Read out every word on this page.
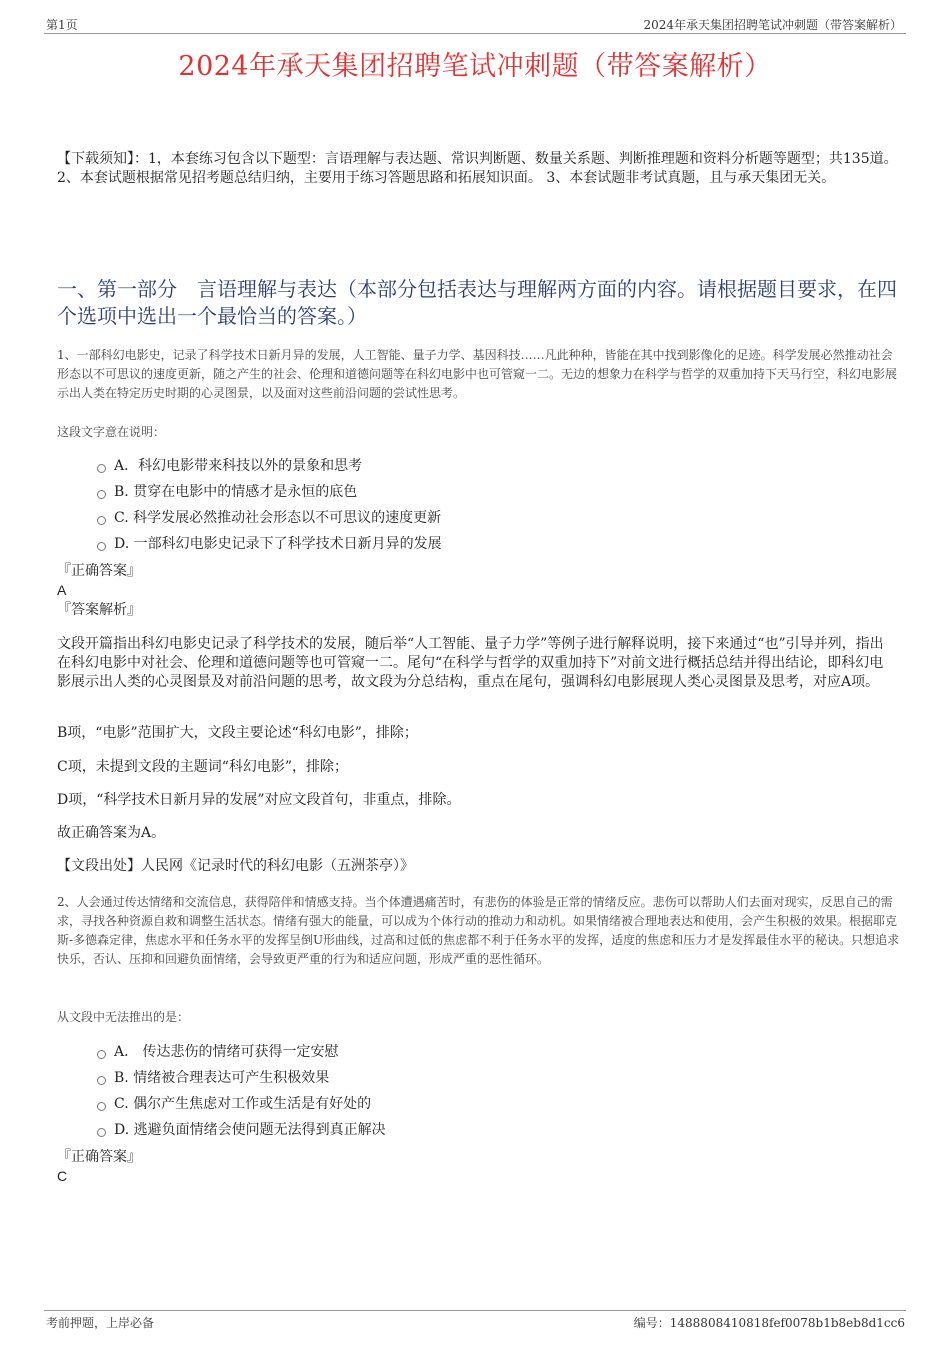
第1页	2024年承天集团招聘笔试冲刺题（带答案解析）
2024年承天集团招聘笔试冲刺题（带答案解析）
【下载须知】：1，本套练习包含以下题型：言语理解与表达题、常识判断题、数量关系题、判断推理题和资料分析题等题型；共135道。 2、本套试题根据常见招考题总结归纳，主要用于练习答题思路和拓展知识面。 3、本套试题非考试真题，且与承天集团无关。
一、第一部分　言语理解与表达（本部分包括表达与理解两方面的内容。请根据题目要求，在四个选项中选出一个最恰当的答案。）
1、一部科幻电影史，记录了科学技术日新月异的发展，人工智能、量子力学、基因科技……凡此种种，皆能在其中找到影像化的足迹。科学发展必然推动社会形态以不可思议的速度更新，随之产生的社会、伦理和道德问题等在科幻电影中也可管窥一二。无边的想象力在科学与哲学的双重加持下天马行空，科幻电影展示出人类在特定历史时期的心灵图景，以及面对这些前沿问题的尝试性思考。
这段文字意在说明：
A．科幻电影带来科技以外的景象和思考
B. 贯穿在电影中的情感才是永恒的底色
C. 科学发展必然推动社会形态以不可思议的速度更新
D. 一部科幻电影史记录下了科学技术日新月异的发展
『正确答案』
A
『答案解析』
文段开篇指出科幻电影史记录了科学技术的发展，随后举“人工智能、量子力学”等例子进行解释说明，接下来通过“也”引导并列，指出在科幻电影中对社会、伦理和道德问题等也可管窥一二。尾句“在科学与哲学的双重加持下”对前文进行概括总结并得出结论，即科幻电影展示出人类的心灵图景及对前沿问题的思考，故文段为分总结构，重点在尾句，强调科幻电影展现人类心灵图景及思考，对应A项。
B项，“电影”范围扩大，文段主要论述“科幻电影”，排除；
C项，未提到文段的主题词“科幻电影”，排除；
D项，“科学技术日新月异的发展”对应文段首句，非重点，排除。
故正确答案为A。
【文段出处】人民网《记录时代的科幻电影（五洲茶亭）》
2、人会通过传达情绪和交流信息，获得陪伴和情感支持。当个体遭遇痛苦时，有悲伤的体验是正常的情绪反应。悲伤可以帮助人们去面对现实，反思自己的需求，寻找各种资源自救和调整生活状态。情绪有强大的能量，可以成为个体行动的推动力和动机。如果情绪被合理地表达和使用，会产生积极的效果。根据耶克斯-多德森定律，焦虑水平和任务水平的发挥呈倒U形曲线，过高和过低的焦虑都不利于任务水平的发挥，适度的焦虑和压力才是发挥最佳水平的秘诀。只想追求快乐，否认、压抑和回避负面情绪，会导致更严重的行为和适应问题，形成严重的恶性循环。
从文段中无法推出的是：
A． 传达悲伤的情绪可获得一定安慰
B. 情绪被合理表达可产生积极效果
C. 偶尔产生焦虑对工作或生活是有好处的
D. 逃避负面情绪会使问题无法得到真正解决
『正确答案』
C
考前押题，上岸必备	编号：1488808410818fef0078b1b8eb8d1cc6
